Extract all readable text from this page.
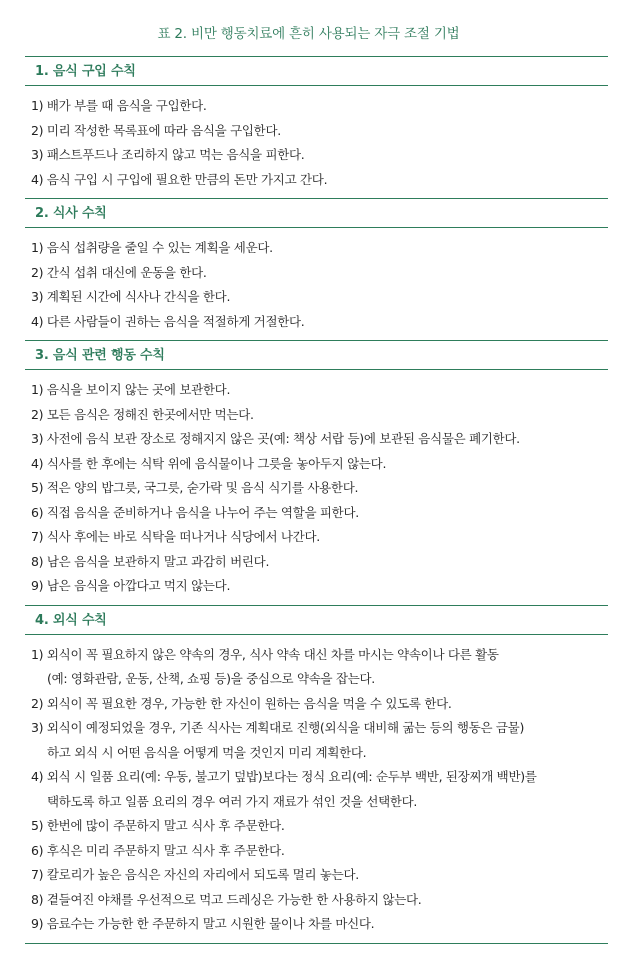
표 2. 비만 행동치료에 흔히 사용되는 자극 조절 기법
1. 음식 구입 수칙
1) 배가 부를 때 음식을 구입한다.
2) 미리 작성한 목록표에 따라 음식을 구입한다.
3) 패스트푸드나 조리하지 않고 먹는 음식을 피한다.
4) 음식 구입 시 구입에 필요한 만큼의 돈만 가지고 간다.
2. 식사 수칙
1) 음식 섭취량을 줄일 수 있는 계획을 세운다.
2) 간식 섭취 대신에 운동을 한다.
3) 계획된 시간에 식사나 간식을 한다.
4) 다른 사람들이 권하는 음식을 적절하게 거절한다.
3. 음식 관련 행동 수칙
1) 음식을 보이지 않는 곳에 보관한다.
2) 모든 음식은 정해진 한곳에서만 먹는다.
3) 사전에 음식 보관 장소로 정해지지 않은 곳(예: 책상 서랍 등)에 보관된 음식물은 폐기한다.
4) 식사를 한 후에는 식탁 위에 음식물이나 그릇을 놓아두지 않는다.
5) 적은 양의 밥그릇, 국그릇, 숟가락 및 음식 식기를 사용한다.
6) 직접 음식을 준비하거나 음식을 나누어 주는 역할을 피한다.
7) 식사 후에는 바로 식탁을 떠나거나 식당에서 나간다.
8) 남은 음식을 보관하지 말고 과감히 버린다.
9) 남은 음식을 아깝다고 먹지 않는다.
4. 외식 수칙
1) 외식이 꼭 필요하지 않은 약속의 경우, 식사 약속 대신 차를 마시는 약속이나 다른 활동
(예: 영화관람, 운동, 산책, 쇼핑 등)을 중심으로 약속을 잡는다.
2) 외식이 꼭 필요한 경우, 가능한 한 자신이 원하는 음식을 먹을 수 있도록 한다.
3) 외식이 예정되었을 경우, 기존 식사는 계획대로 진행(외식을 대비해 굶는 등의 행동은 금물)
하고 외식 시 어떤 음식을 어떻게 먹을 것인지 미리 계획한다.
4) 외식 시 일품 요리(예: 우동, 불고기 덮밥)보다는 정식 요리(예: 순두부 백반, 된장찌개 백반)를
택하도록 하고 일품 요리의 경우 여러 가지 재료가 섞인 것을 선택한다.
5) 한번에 많이 주문하지 말고 식사 후 주문한다.
6) 후식은 미리 주문하지 말고 식사 후 주문한다.
7) 칼로리가 높은 음식은 자신의 자리에서 되도록 멀리 놓는다.
8) 곁들여진 야채를 우선적으로 먹고 드레싱은 가능한 한 사용하지 않는다.
9) 음료수는 가능한 한 주문하지 말고 시원한 물이나 차를 마신다.
